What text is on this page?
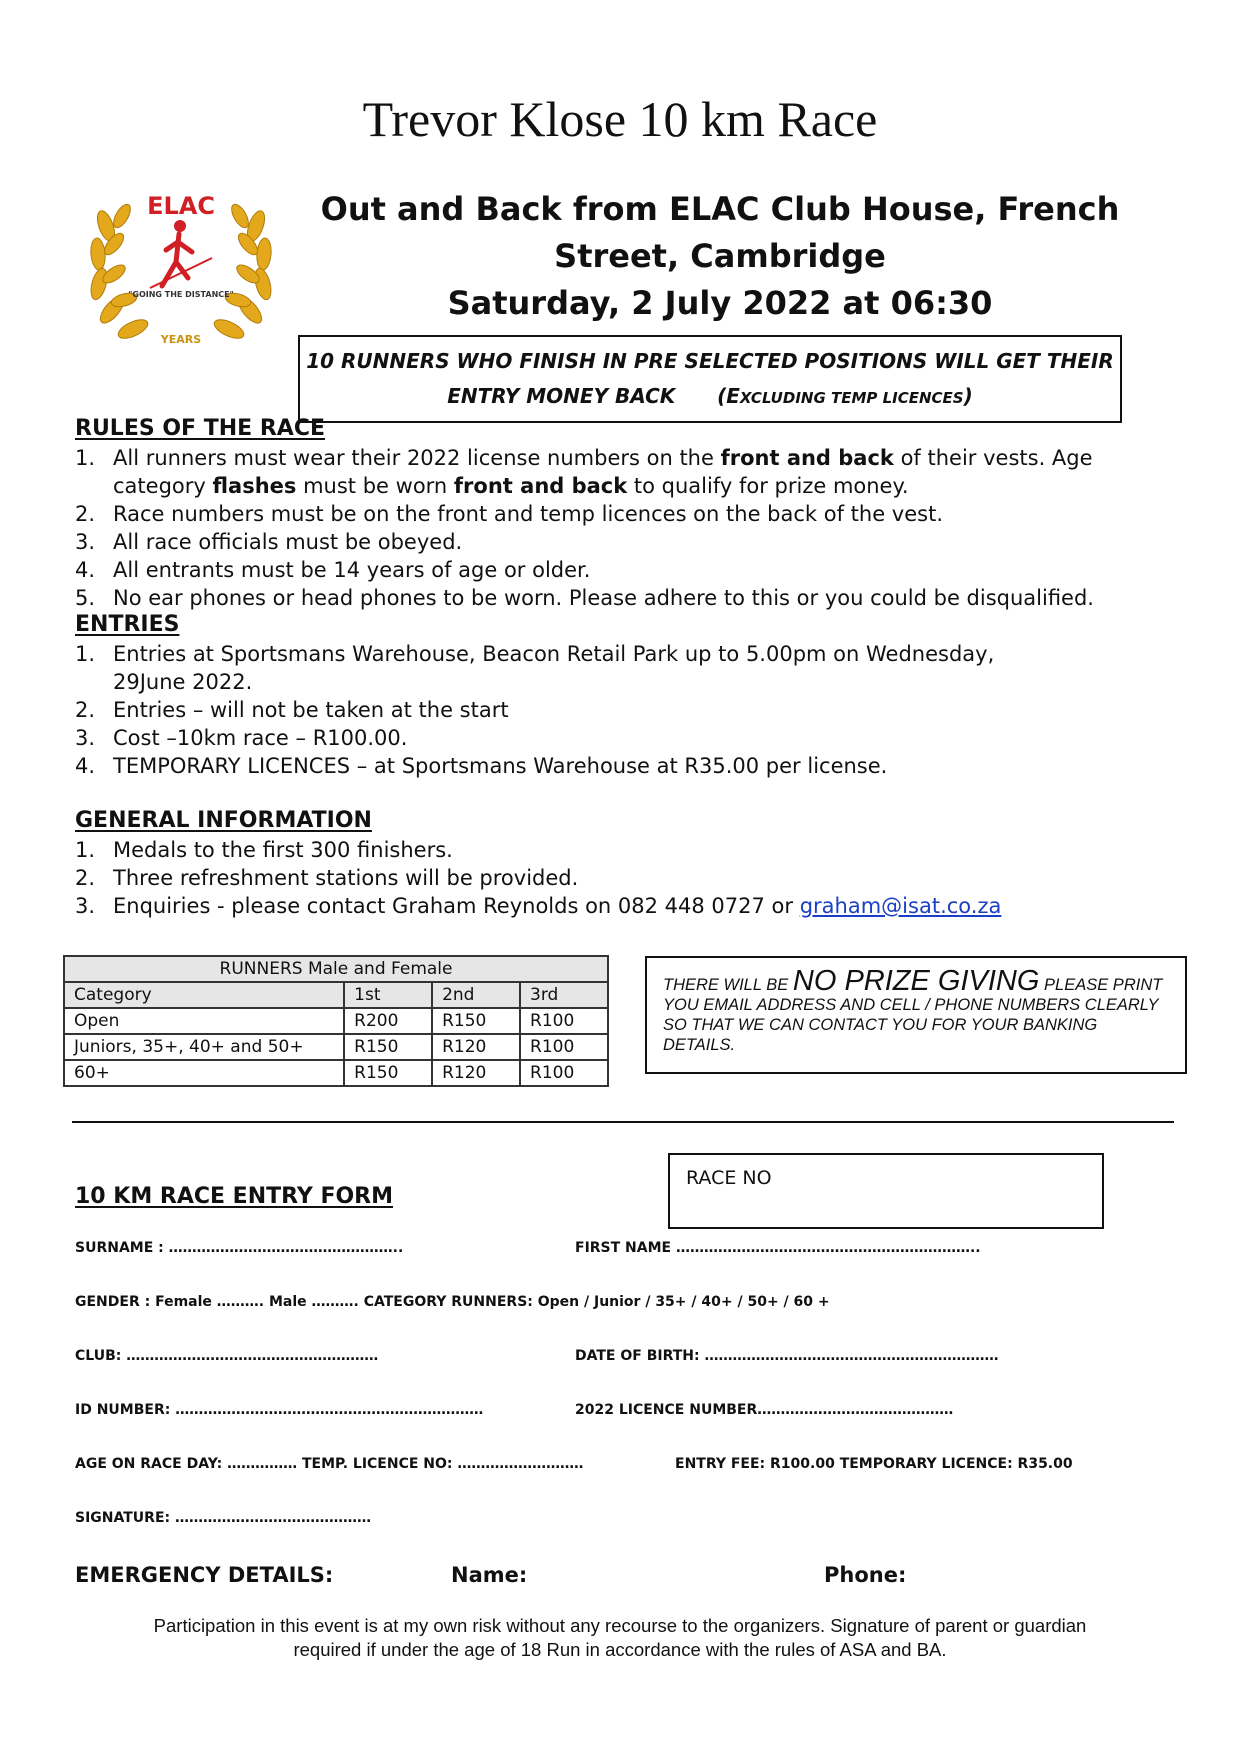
Trevor Klose 10 km Race
ELAC
"GOING THE DISTANCE"
YEARS
Out and Back from ELAC Club House, French
Street, Cambridge
Saturday, 2 July 2022 at 06:30
10 RUNNERS WHO FINISH IN PRE SELECTED POSITIONS WILL GET THEIR
ENTRY MONEY BACK (EXCLUDING TEMP LICENCES)
RULES OF THE RACE
1. All runners must wear their 2022 license numbers on the front and back of their vests. Age category flashes must be worn front and back to qualify for prize money.
2. Race numbers must be on the front and temp licences on the back of the vest.
3. All race officials must be obeyed.
4. All entrants must be 14 years of age or older.
5. No ear phones or head phones to be worn. Please adhere to this or you could be disqualified.
ENTRIES
1. Entries at Sportsmans Warehouse, Beacon Retail Park up to 5.00pm on Wednesday, 29June 2022.
2. Entries – will not be taken at the start
3. Cost –10km race – R100.00.
4. TEMPORARY LICENCES – at Sportsmans Warehouse at R35.00 per license.
GENERAL INFORMATION
1. Medals to the first 300 finishers.
2. Three refreshment stations will be provided.
3. Enquiries - please contact Graham Reynolds on 082 448 0727 or graham@isat.co.za
RUNNERS Male and Female			
Category	1st	2nd	3rd
Open	R200	R150	R100
Juniors, 35+, 40+ and 50+	R150	R120	R100
60+	R150	R120	R100
THERE WILL BE NO PRIZE GIVING PLEASE PRINT YOU EMAIL ADDRESS AND CELL / PHONE NUMBERS CLEARLY SO THAT WE CAN CONTACT YOU FOR YOUR BANKING DETAILS.
RACE NO
10 KM RACE ENTRY FORM
SURNAME : …………………………………………..	FIRST NAME ………………………………………………………..
GENDER : Female ………. Male ………. CATEGORY RUNNERS: Open / Junior / 35+ / 40+ / 50+ / 60 +
CLUB: ………………………………………………	DATE OF BIRTH: ………………………………………………………
ID NUMBER: …………………………………………………………	2022 LICENCE NUMBER……………………………………
AGE ON RACE DAY: …………… TEMP. LICENCE NO: ………………………	ENTRY FEE: R100.00 TEMPORARY LICENCE: R35.00
SIGNATURE: ……………………………………
EMERGENCY DETAILS:	Name:	Phone:
Participation in this event is at my own risk without any recourse to the organizers. Signature of parent or guardian
required if under the age of 18 Run in accordance with the rules of ASA and BA.
